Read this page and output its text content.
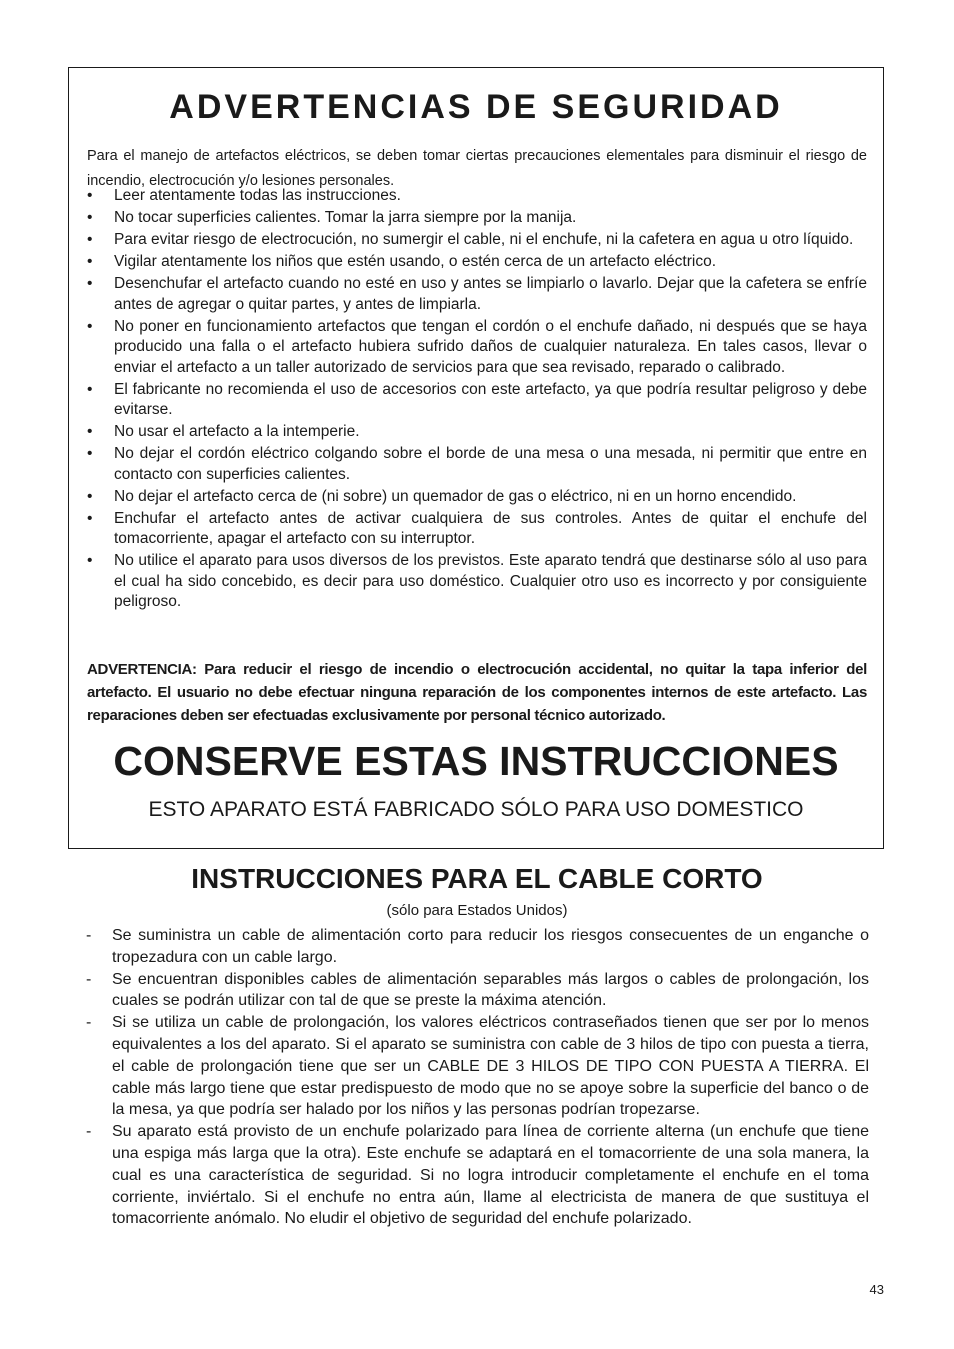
ADVERTENCIAS DE SEGURIDAD
Para el manejo de artefactos eléctricos, se deben tomar ciertas precauciones elementales para disminuir el riesgo de incendio, electrocución y/o lesiones personales.
• Leer atentamente todas las instrucciones.
• No tocar superficies calientes. Tomar la jarra siempre por la manija.
• Para evitar riesgo de electrocución, no sumergir el cable, ni el enchufe, ni la cafetera en agua u otro líquido.
• Vigilar atentamente los niños que estén usando, o estén cerca de un artefacto eléctrico.
• Desenchufar el artefacto cuando no esté en uso y antes se limpiarlo o lavarlo. Dejar que la cafetera se enfríe antes de agregar o quitar partes, y antes de limpiarla.
• No poner en funcionamiento artefactos que tengan el cordón o el enchufe dañado, ni después que se haya producido una falla o el artefacto hubiera sufrido daños de cualquier naturaleza. En tales casos, llevar o enviar el artefacto a un taller autorizado de servicios para que sea revisado, reparado o calibrado.
• El fabricante no recomienda el uso de accesorios con este artefacto, ya que podría resultar peligroso y debe evitarse.
• No usar el artefacto a la intemperie.
• No dejar el cordón eléctrico colgando sobre el borde de una mesa o una mesada, ni permitir que entre en contacto con superficies calientes.
• No dejar el artefacto cerca de (ni sobre) un quemador de gas o eléctrico, ni en un horno encendido.
• Enchufar el artefacto antes de activar cualquiera de sus controles. Antes de quitar el enchufe del tomacorriente, apagar el artefacto con su interruptor.
• No utilice el aparato para usos diversos de los previstos. Este aparato tendrá que destinarse sólo al uso para el cual ha sido concebido, es decir para uso doméstico. Cualquier otro uso es incorrecto y por consiguiente peligroso.
ADVERTENCIA: Para reducir el riesgo de incendio o electrocución accidental, no quitar la tapa inferior del artefacto. El usuario no debe efectuar ninguna reparación de los componentes internos de este artefacto. Las reparaciones deben ser efectuadas exclusivamente por personal técnico autorizado.
CONSERVE ESTAS INSTRUCCIONES
ESTO APARATO ESTÁ FABRICADO SÓLO PARA USO DOMESTICO
INSTRUCCIONES PARA EL CABLE CORTO
(sólo para Estados Unidos)
- Se suministra un cable de alimentación corto para reducir los riesgos consecuentes de un enganche o tropezadura con un cable largo.
- Se encuentran disponibles cables de alimentación separables más largos o cables de prolongación, los cuales se podrán utilizar con tal de que se preste la máxima atención.
- Si se utiliza un cable de prolongación, los valores eléctricos contraseñados tienen que ser por lo menos equivalentes a los del aparato. Si el aparato se suministra con cable de 3 hilos de tipo con puesta a tierra, el cable de prolongación tiene que ser un CABLE DE 3 HILOS DE TIPO CON PUESTA A TIERRA. El cable más largo tiene que estar predispuesto de modo que no se apoye sobre la superficie del banco o de la mesa, ya que podría ser halado por los niños y las personas podrían tropezarse.
- Su aparato está provisto de un enchufe polarizado para línea de corriente alterna (un enchufe que tiene una espiga más larga que la otra). Este enchufe se adaptará en el tomacorriente de una sola manera, la cual es una característica de seguridad. Si no logra introducir completamente el enchufe en el toma corriente, inviértalo. Si el enchufe no entra aún, llame al electricista de manera de que sustituya el tomacorriente anómalo. No eludir el objetivo de seguridad del enchufe polarizado.
43
